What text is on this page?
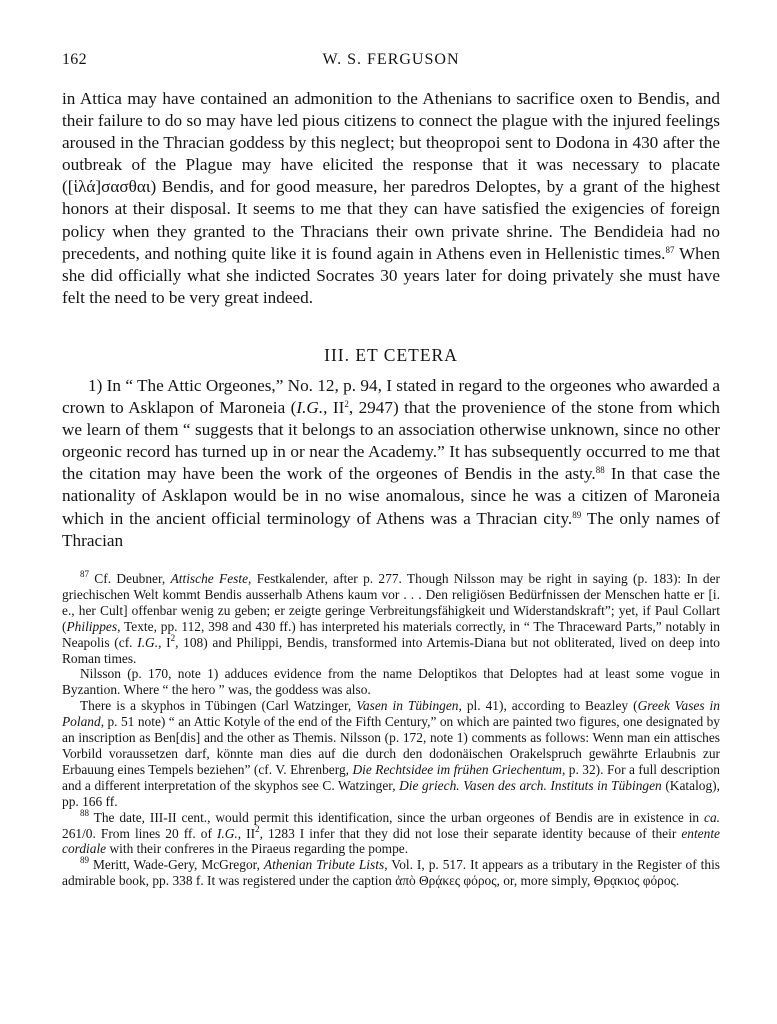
162	W. S. FERGUSON

in Attica may have contained an admonition to the Athenians to sacrifice oxen to Bendis, and their failure to do so may have led pious citizens to connect the plague with the injured feelings aroused in the Thracian goddess by this neglect; but theopropoi sent to Dodona in 430 after the outbreak of the Plague may have elicited the response that it was necessary to placate ([ἱλά]σασθαι) Bendis, and for good measure, her paredros Deloptes, by a grant of the highest honors at their disposal. It seems to me that they can have satisfied the exigencies of foreign policy when they granted to the Thracians their own private shrine. The Bendideia had no precedents, and nothing quite like it is found again in Athens even in Hellenistic times.$^{87}$ When she did officially what she indicted Socrates 30 years later for doing privately she must have felt the need to be very great indeed.

III. ET CETERA

1) In “ The Attic Orgeones,” No. 12, p. 94, I stated in regard to the orgeones who awarded a crown to Asklapon of Maroneia (I.G., $II^2$, 2947) that the provenience of the stone from which we learn of them “ suggests that it belongs to an association otherwise unknown, since no other orgeonic record has turned up in or near the Academy.” It has subsequently occurred to me that the citation may have been the work of the orgeones of Bendis in the asty.$^{88}$ In that case the nationality of Asklapon would be in no wise anomalous, since he was a citizen of Maroneia which in the ancient official terminology of Athens was a Thracian city.$^{89}$ The only names of Thracian

$^{87}$ Cf. Deubner, Attische Feste, Festkalender, after p. 277. Though Nilsson may be right in saying (p. 183): In der griechischen Welt kommt Bendis ausserhalb Athens kaum vor . . . Den religiösen Bedürfnissen der Menschen hatte er [i. e., her Cult] offenbar wenig zu geben; er zeigte geringe Verbreitungsfähigkeit und Widerstandskraft”; yet, if Paul Collart (Philippes, Texte, pp. 112, 398 and 430 ff.) has interpreted his materials correctly, in “ The Thraceward Parts,” notably in Neapolis (cf. I.G., $I^2$, 108) and Philippi, Bendis, transformed into Artemis-Diana but not obliterated, lived on deep into Roman times.

Nilsson (p. 170, note 1) adduces evidence from the name Deloptikos that Deloptes had at least some vogue in Byzantion. Where “ the hero ” was, the goddess was also.

There is a skyphos in Tübingen (Carl Watzinger, Vasen in Tübingen, pl. 41), according to Beazley (Greek Vases in Poland, p. 51 note) “ an Attic Kotyle of the end of the Fifth Century,” on which are painted two figures, one designated by an inscription as Ben[dis] and the other as Themis. Nilsson (p. 172, note 1) comments as follows: Wenn man ein attisches Vorbild voraussetzen darf, könnte man dies auf die durch den dodonäischen Orakelspruch gewährte Erlaubnis zur Erbauung eines Tempels beziehen” (cf. V. Ehrenberg, Die Rechtsidee im frühen Griechentum, p. 32). For a full description and a different interpretation of the skyphos see C. Watzinger, Die griech. Vasen des arch. Instituts in Tübingen (Katalog), pp. 166 ff.

$^{88}$ The date, III-II cent., would permit this identification, since the urban orgeones of Bendis are in existence in ca. 261/0. From lines 20 ff. of I.G., $II^2$, 1283 I infer that they did not lose their separate identity because of their entente cordiale with their confreres in the Piraeus regarding the pompe.

$^{89}$ Meritt, Wade-Gery, McGregor, Athenian Tribute Lists, Vol. I, p. 517. It appears as a tributary in the Register of this admirable book, pp. 338 f. It was registered under the caption ἀπὸ Θρᾴκες φόρος, or, more simply, Θρᾳκιος φόρος.
